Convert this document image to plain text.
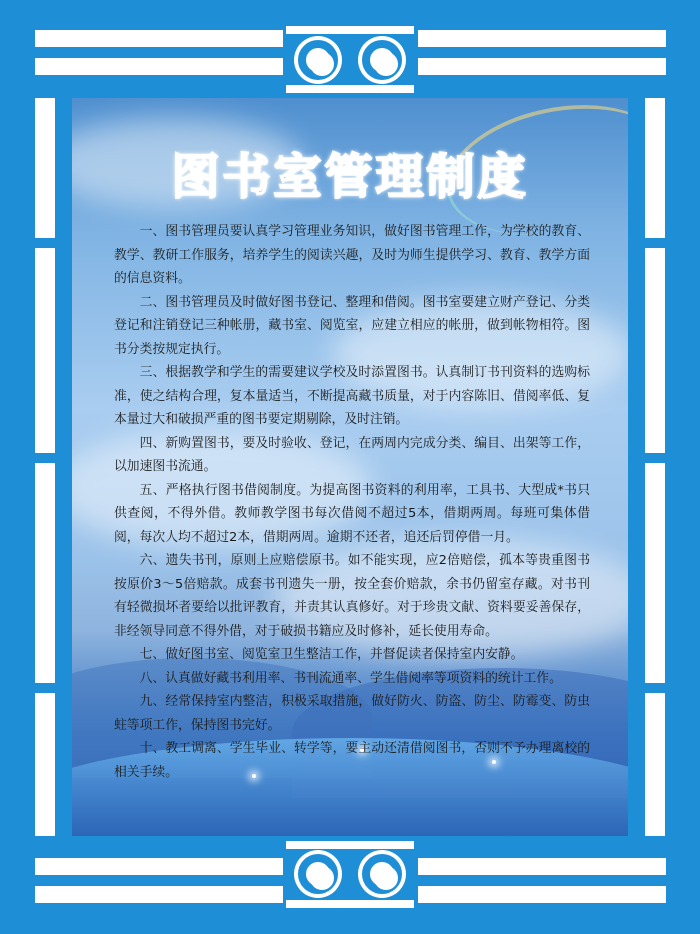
图书室管理制度

一、图书管理员要认真学习管理业务知识，做好图书管理工作，为学校的教育、教学、教研工作服务，培养学生的阅读兴趣，及时为师生提供学习、教育、教学方面的信息资料。

二、图书管理员及时做好图书登记、整理和借阅。图书室要建立财产登记、分类登记和注销登记三种帐册，藏书室、阅览室，应建立相应的帐册，做到帐物相符。图书分类按规定执行。

三、根据教学和学生的需要建议学校及时添置图书。认真制订书刊资料的选购标准，使之结构合理，复本量适当，不断提高藏书质量，对于内容陈旧、借阅率低、复本量过大和破损严重的图书要定期剔除，及时注销。

四、新购置图书，要及时验收、登记，在两周内完成分类、编目、出架等工作，以加速图书流通。

五、严格执行图书借阅制度。为提高图书资料的利用率，工具书、大型成*书只供查阅，不得外借。教师教学图书每次借阅不超过5本，借期两周。每班可集体借阅，每次人均不超过2本，借期两周。逾期不还者，追还后罚停借一月。

六、遗失书刊，原则上应赔偿原书。如不能实现，应2倍赔偿，孤本等贵重图书按原价3～5倍赔款。成套书刊遗失一册，按全套价赔款，余书仍留室存藏。对书刊有轻微损坏者要给以批评教育，并责其认真修好。对于珍贵文献、资料要妥善保存，非经领导同意不得外借，对于破损书籍应及时修补，延长使用寿命。

七、做好图书室、阅览室卫生整洁工作，并督促读者保持室内安静。

八、认真做好藏书利用率、书刊流通率、学生借阅率等项资料的统计工作。

九、经常保持室内整洁，积极采取措施，做好防火、防盗、防尘、防霉变、防虫蛀等项工作，保持图书完好。

十、教工调离、学生毕业、转学等，要主动还清借阅图书，否则不予办理离校的相关手续。
